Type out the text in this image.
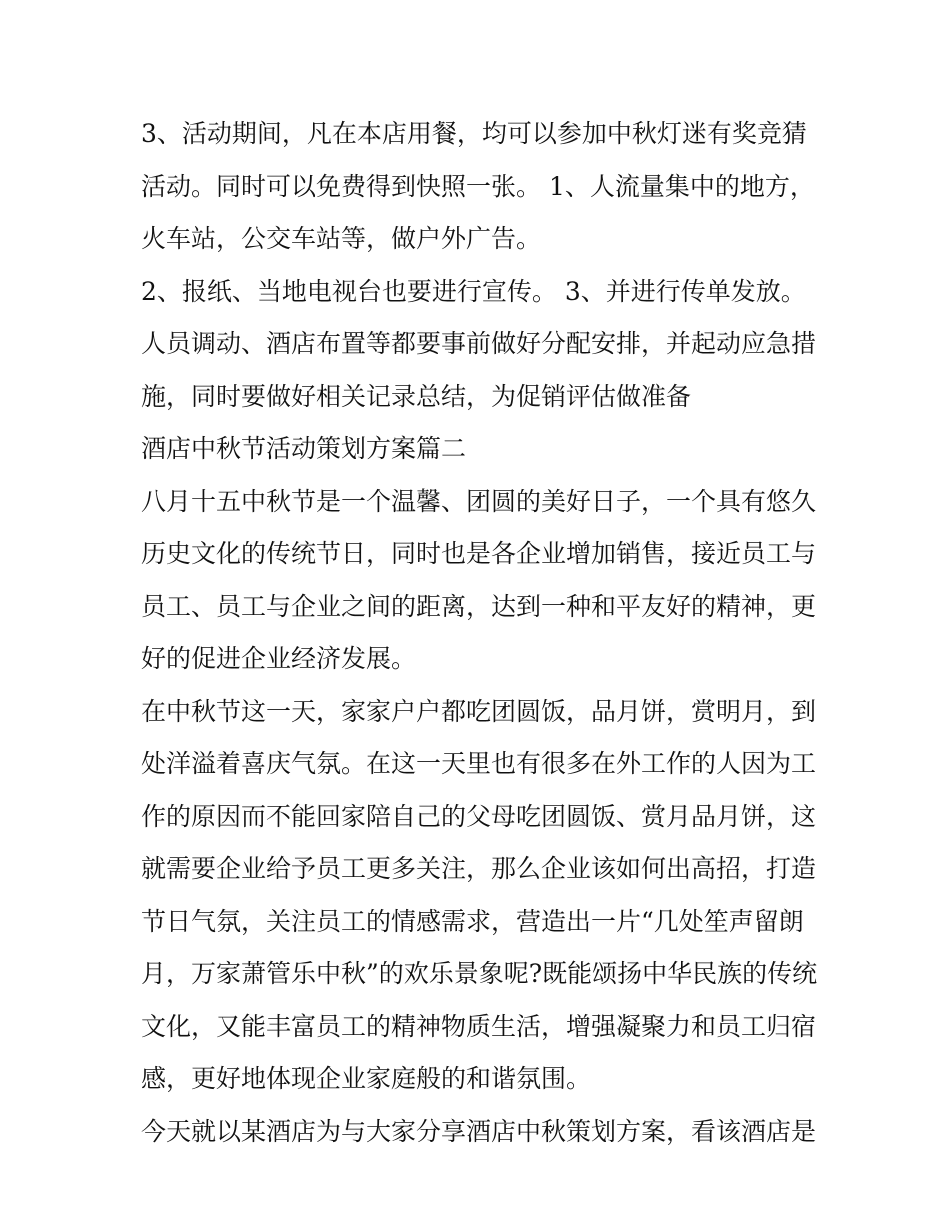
3、活动期间，凡在本店用餐，均可以参加中秋灯迷有奖竞猜
活动。同时可以免费得到快照一张。 1、人流量集中的地方，
火车站，公交车站等，做户外广告。
2、报纸、当地电视台也要进行宣传。 3、并进行传单发放。
人员调动、酒店布置等都要事前做好分配安排，并起动应急措
施，同时要做好相关记录总结，为促销评估做准备
酒店中秋节活动策划方案篇二
八月十五中秋节是一个温馨、团圆的美好日子，一个具有悠久
历史文化的传统节日，同时也是各企业增加销售，接近员工与
员工、员工与企业之间的距离，达到一种和平友好的精神，更
好的促进企业经济发展。
在中秋节这一天，家家户户都吃团圆饭，品月饼，赏明月，到
处洋溢着喜庆气氛。在这一天里也有很多在外工作的人因为工
作的原因而不能回家陪自己的父母吃团圆饭、赏月品月饼，这
就需要企业给予员工更多关注，那么企业该如何出高招，打造
节日气氛，关注员工的情感需求，营造出一片“几处笙声留朗
月，万家萧管乐中秋”的欢乐景象呢?既能颂扬中华民族的传统
文化，又能丰富员工的精神物质生活，增强凝聚力和员工归宿
感，更好地体现企业家庭般的和谐氛围。
今天就以某酒店为与大家分享酒店中秋策划方案，看该酒店是
